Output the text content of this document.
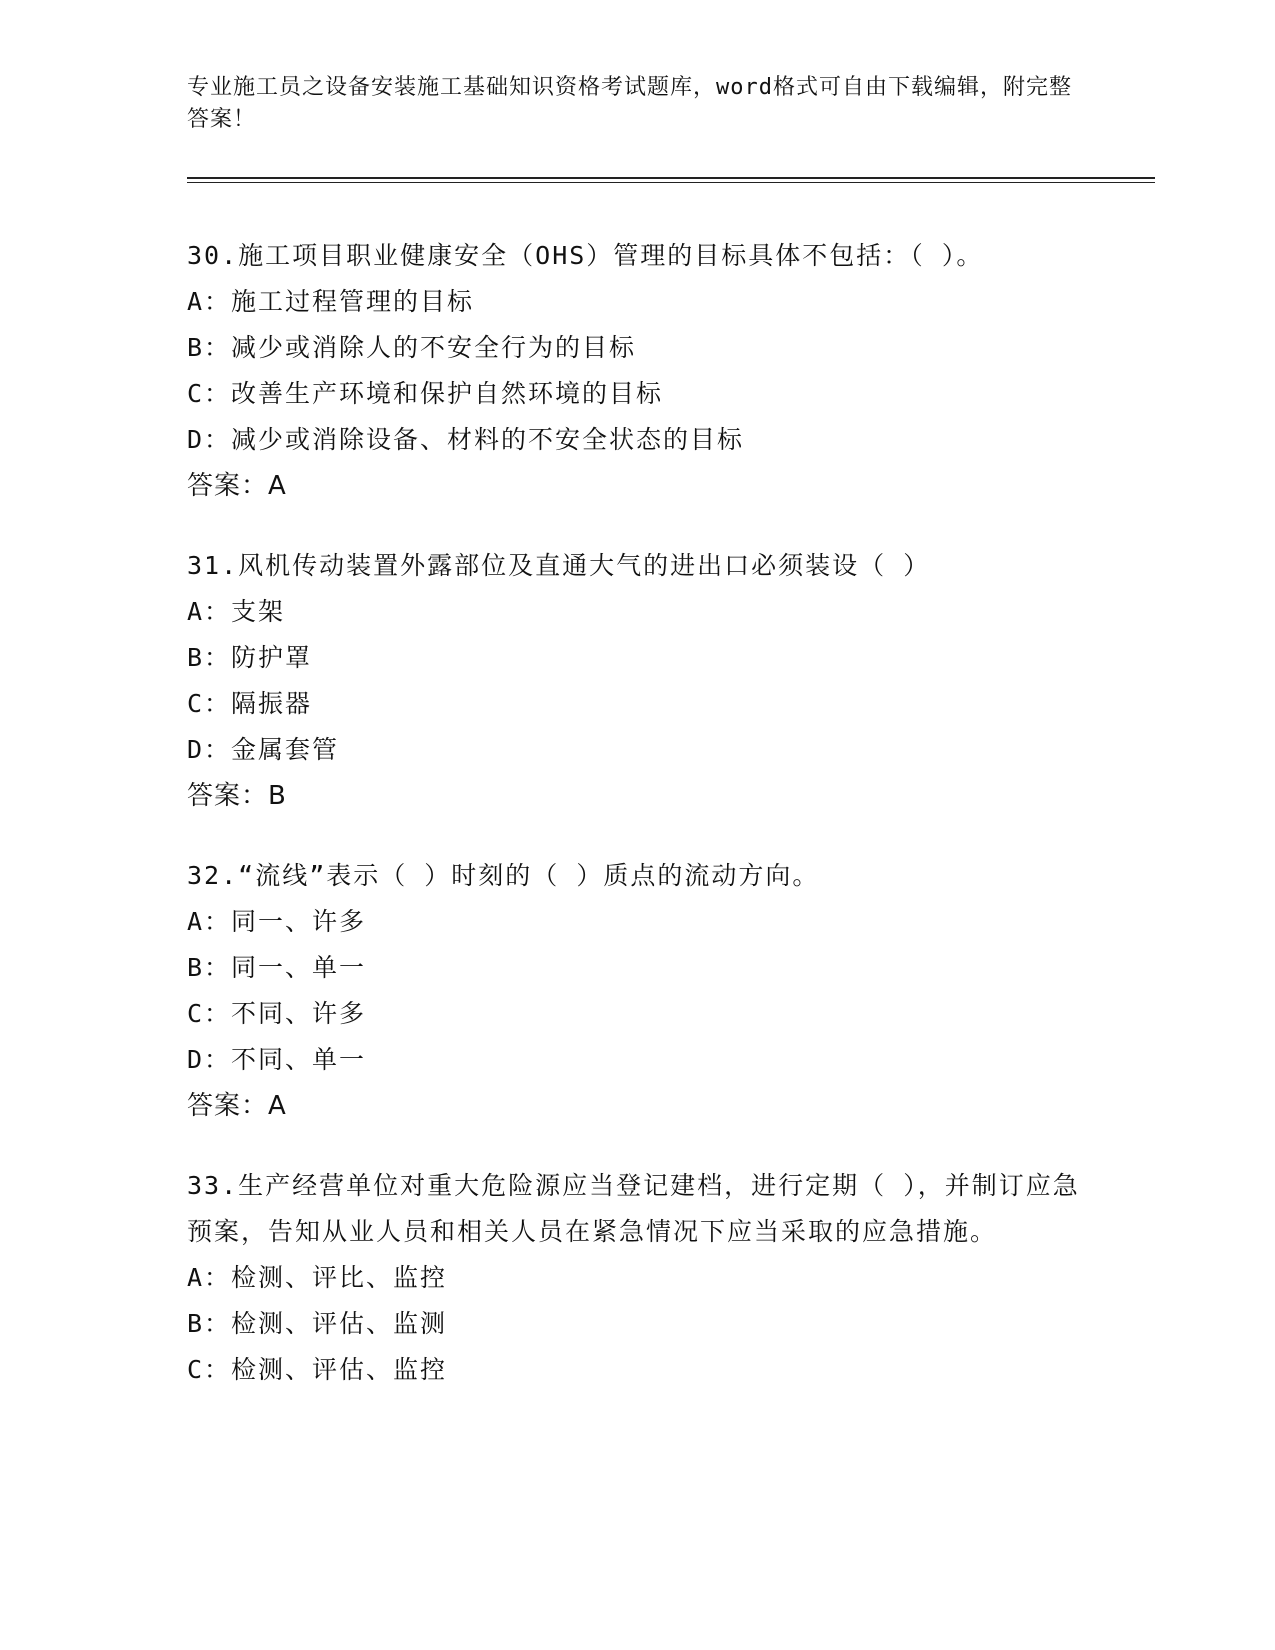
专业施工员之设备安装施工基础知识资格考试题库，word格式可自由下载编辑，附完整答案！
30.施工项目职业健康安全（OHS）管理的目标具体不包括：（ ）。
A：施工过程管理的目标
B：减少或消除人的不安全行为的目标
C：改善生产环境和保护自然环境的目标
D：减少或消除设备、材料的不安全状态的目标
答案：A
31.风机传动装置外露部位及直通大气的进出口必须装设（ ）
A：支架
B：防护罩
C：隔振器
D：金属套管
答案：B
32.“流线”表示（ ）时刻的（ ）质点的流动方向。
A：同一、许多
B：同一、单一
C：不同、许多
D：不同、单一
答案：A
33.生产经营单位对重大危险源应当登记建档，进行定期（ ），并制订应急预案，告知从业人员和相关人员在紧急情况下应当采取的应急措施。
A：检测、评比、监控
B：检测、评估、监测
C：检测、评估、监控
